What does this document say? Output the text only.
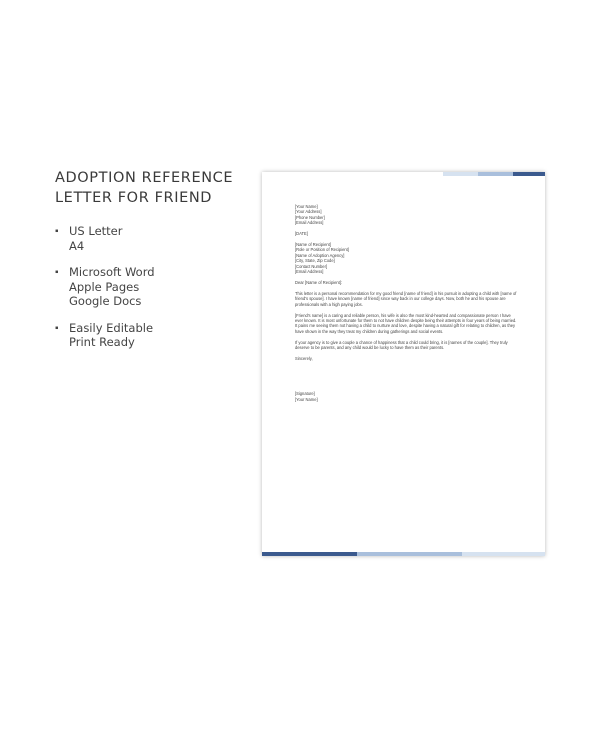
ADOPTION REFERENCE
LETTER FOR FRIEND
▪ US Letter
A4
▪ Microsoft Word
Apple Pages
Google Docs
▪ Easily Editable
Print Ready
[Your Name]
[Your Address]
[Phone Number]
[Email Address]
[DATE]
[Name of Recipient]
[Role or Position of Recipient]
[Name of Adoption Agency]
[City, State, Zip Code]
[Contact Number]
[Email Address]
Dear [Name of Recipient]:
This letter is a personal recommendation for my good friend [name of friend] in his pursuit in adopting a child with [name of friend's spouse]. I have known [name of friend] since way back in our college days. Now, both he and his spouse are professionals with a high paying jobs.
[Friend's name] is a caring and reliable person, his wife is also the most kind-hearted and compassionate person I have ever known. It is most unfortunate for them to not have children despite being their attempts in four years of being married. It pains me seeing them not having a child to nurture and love, despite having a natural gift for relating to children, as they have shown in the way they treat my children during gatherings and social events.
If your agency is to give a couple a chance of happiness that a child could bring, it is [names of the couple]. They truly deserve to be parents, and any child would be lucky to have them as their parents.
Sincerely,
[Signature]
[Your Name]
